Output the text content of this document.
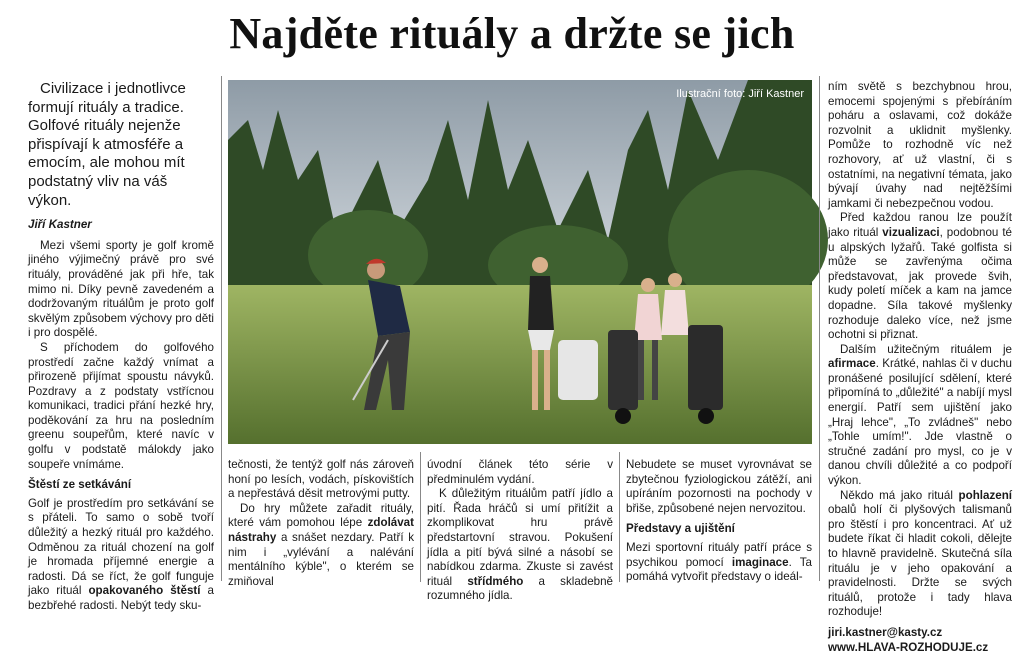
Najděte rituály a držte se jich

Civilizace i jednotlivce formují rituály a tradice. Golfové rituály nejenže přispívají k atmosféře a emocím, ale mohou mít podstatný vliv na váš výkon.

Jiří Kastner

Mezi všemi sporty je golf kromě jiného výjimečný právě pro své rituály, prováděné jak při hře, tak mimo ni. Díky pevně zavedeném a dodržovaným rituálům je proto golf skvělým způsobem výchovy pro děti i pro dospělé.

S příchodem do golfového prostředí začne každý vnímat a přirozeně přijímat spoustu návyků. Pozdravy a z podstaty vstřícnou komunikaci, tradici přání hezké hry, poděkování za hru na posledním greenu soupeřům, které navíc v golfu v podstatě málokdy jako soupeře vnímáme.

Štěstí ze setkávání

Golf je prostředím pro setkávání se s přáteli. To samo o sobě tvoří důležitý a hezký rituál pro každého. Odměnou za rituál chození na golf je hromada příjemné energie a radosti. Dá se říct, že golf funguje jako rituál opakovaného štěstí a bezbřehé radosti. Nebýt tedy sku-

Ilustrační foto: Jiří Kastner

tečnosti, že tentýž golf nás zároveň honí po lesích, vodách, pískovištích a nepřestává děsit metrovými putty.

Do hry můžete zařadit rituály, které vám pomohou lépe zdolávat nástrahy a snášet nezdary. Patří k nim i „vylévání a nalévání mentálního kýble", o kterém se zmiňoval

úvodní článek této série v předminulém vydání.

K důležitým rituálům patří jídlo a pití. Řada hráčů si umí přitížit a zkomplikovat hru právě předstartovní stravou. Pokušení jídla a pití bývá silné a násobí se nabídkou zdarma. Zkuste si zavést rituál střídmého a skladebně rozumného jídla.

Nebudete se muset vyrovnávat se zbytečnou fyziologickou zátěží, ani upíráním pozornosti na pochody v břiše, způsobené nejen nervozitou.

Představy a ujištění

Mezi sportovní rituály patří práce s psychikou pomocí imaginace. Ta pomáhá vytvořit představy o ideál-

ním světě s bezchybnou hrou, emocemi spojenými s přebíráním poháru a oslavami, což dokáže rozvolnit a uklidnit myšlenky. Pomůže to rozhodně víc než rozhovory, ať už vlastní, či s ostatními, na negativní témata, jako bývají úvahy nad nejtěžšími jamkami či nebezpečnou vodou.

Před každou ranou lze použít jako rituál vizualizaci, podobnou té u alpských lyžařů. Také golfista si může se zavřenýma očima představovat, jak provede švih, kudy poletí míček a kam na jamce dopadne. Síla takové myšlenky rozhoduje daleko více, než jsme ochotni si přiznat.

Dalším užitečným rituálem je afirmace. Krátké, nahlas či v duchu pronášené posilující sdělení, které připomíná to „důležité" a nabíjí mysl energií. Patří sem ujištění jako „Hraj lehce", „To zvládneš" nebo „Tohle umím!". Jde vlastně o stručné zadání pro mysl, co je v danou chvíli důležité a co podpoří výkon.

Někdo má jako rituál pohlazení obalů holí či plyšových talismanů pro štěstí i pro koncentraci. Ať už budete říkat či hladit cokoli, dělejte to hlavně pravidelně. Skutečná síla rituálu je v jeho opakování a pravidelnosti. Držte se svých rituálů, protože i tady hlava rozhoduje!

jiri.kastner@kasty.cz

www.HLAVA-ROZHODUJE.cz
